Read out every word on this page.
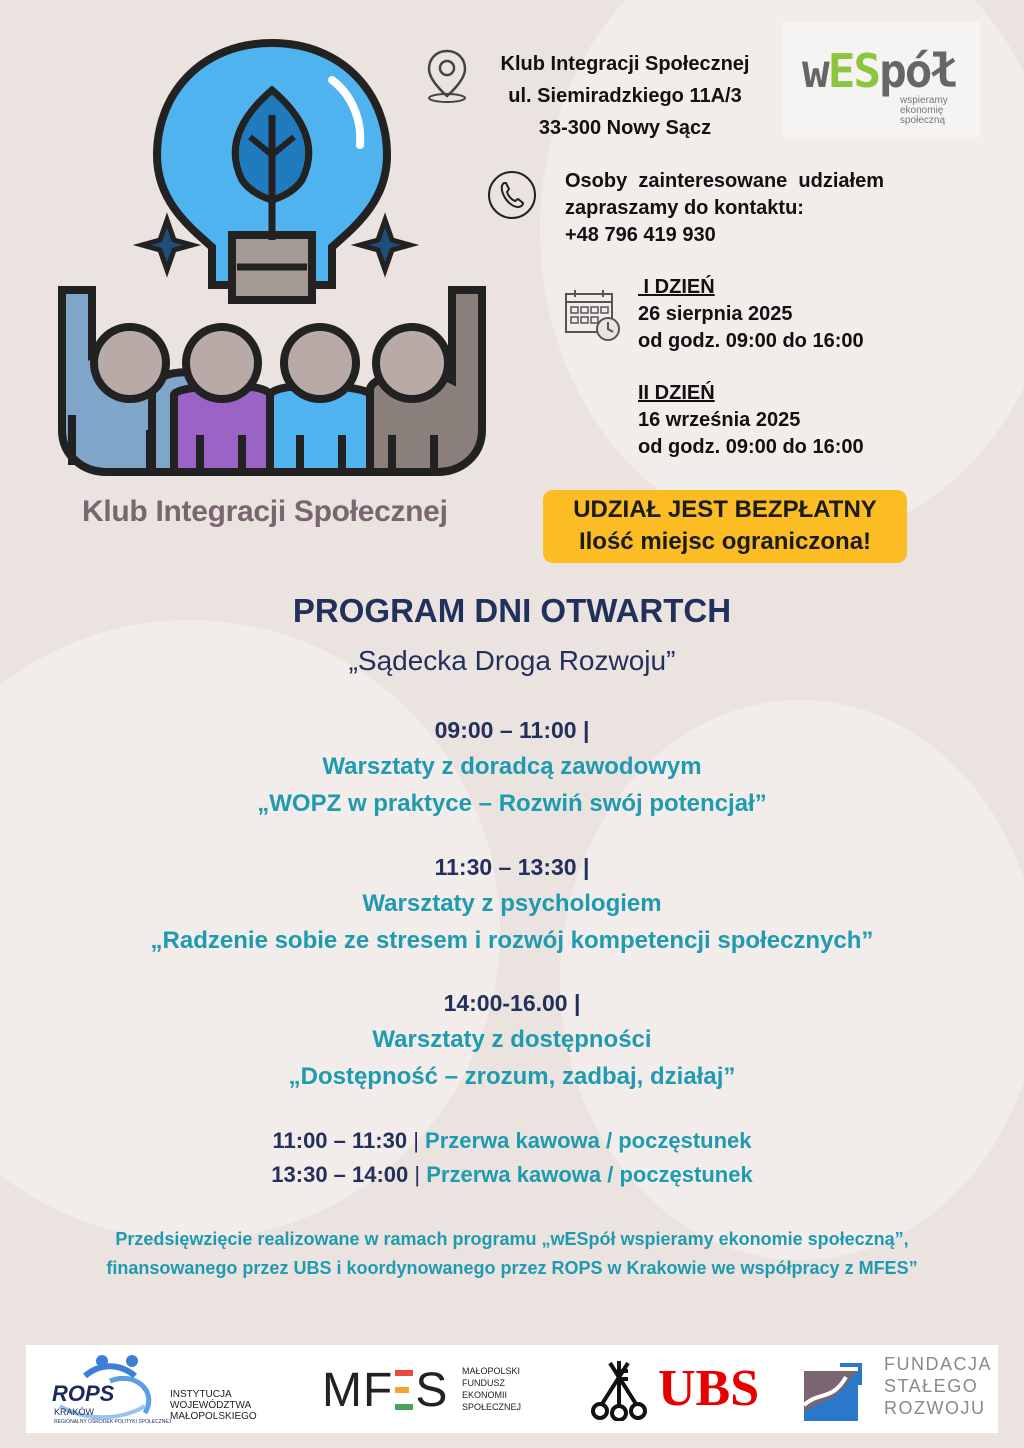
Klub Integracji Społecznej
Klub Integracji Społecznej
ul. Siemiradzkiego 11A/3
33-300 Nowy Sącz
wESpół
wspieramy
ekonomię
społeczną
Osoby  zainteresowane  udziałem
zapraszamy do kontaktu:
+48 796 419 930
I DZIEŃ
26 sierpnia 2025
od godz. 09:00 do 16:00
II DZIEŃ
16 września 2025
od godz. 09:00 do 16:00
UDZIAŁ JEST BEZPŁATNY
Ilość miejsc ograniczona!
PROGRAM DNI OTWARTCH
„Sądecka Droga Rozwoju”
09:00 – 11:00 |
Warsztaty z doradcą zawodowym
„WOPZ w praktyce – Rozwiń swój potencjał”
11:30 – 13:30 |
Warsztaty z psychologiem
„Radzenie sobie ze stresem i rozwój kompetencji społecznych”
14:00-16.00 |
Warsztaty z dostępności
„Dostępność – zrozum, zadbaj, działaj”
11:00 – 11:30 | Przerwa kawowa / poczęstunek
13:30 – 14:00 | Przerwa kawowa / poczęstunek
Przedsięwzięcie realizowane w ramach programu „wESpół wspieramy ekonomie społeczną”,
finansowanego przez UBS i koordynowanego przez ROPS w Krakowie we współpracy z MFES”
ROPS
KRAKÓW
REGIONALNY OŚRODEK POLITYKI SPOŁECZNEJ
INSTYTUCJA
WOJEWÓDZTWA
MAŁOPOLSKIEGO MF S MAŁOPOLSKI
FUNDUSZ
EKONOMII
SPOŁECZNEJ	UBS	FUNDACJA
STAŁEGO
ROZWOJU
